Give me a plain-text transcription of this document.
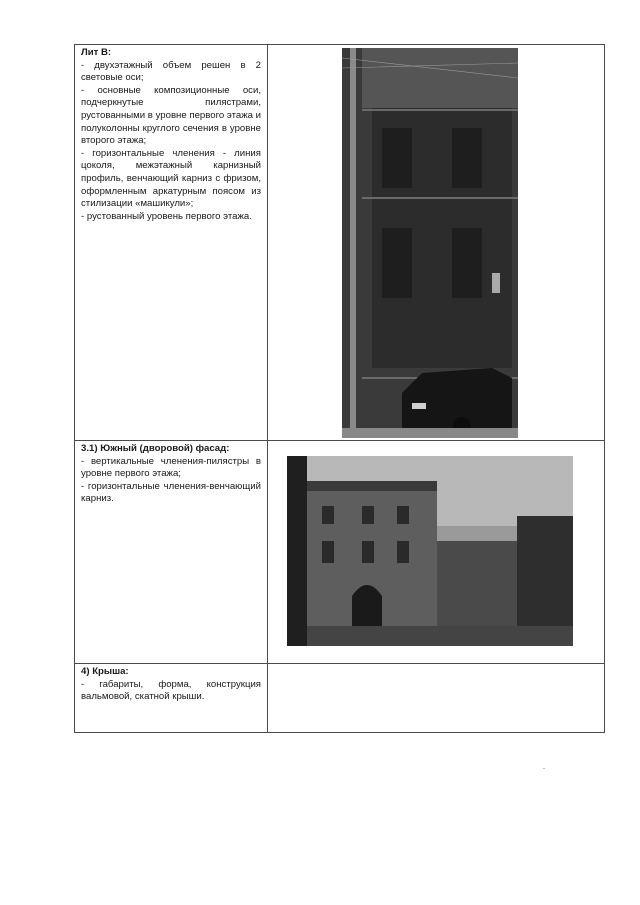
Лит В:
- двухэтажный объем решен в 2 световые оси;
- основные композиционные оси, подчеркнутые пилястрами, рустованными в уровне первого этажа и полуколонны круглого сечения в уровне второго этажа;
- горизонтальные членения - линия цоколя, межэтажный карнизный профиль, венчающий карниз с фризом, оформленным аркатурным поясом из стилизации «машикули»;
- рустованный уровень первого этажа.

3.1) Южный (дворовой) фасад:
- вертикальные членения-пилястры в уровне первого этажа;
- горизонтальные членения-венчающий карниз.

4) Крыша:
- габариты, форма, конструкция вальмовой, скатной крыши.	
